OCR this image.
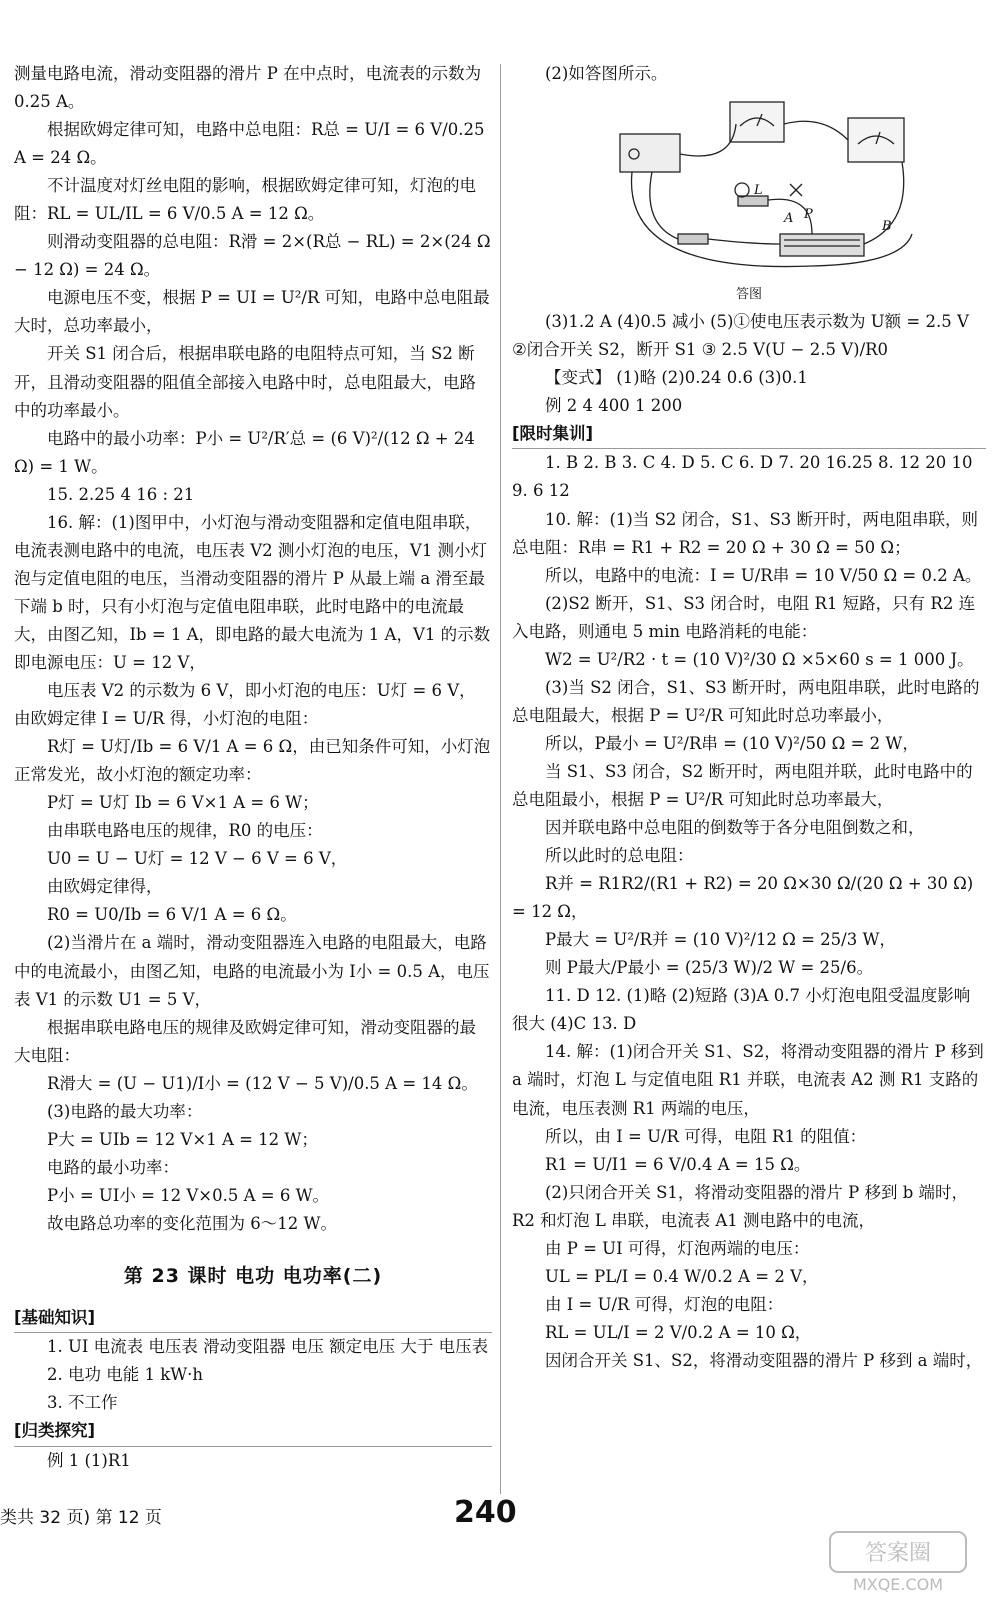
测量电路电流，滑动变阻器的滑片 P 在中点时，电流表的示数为 0.25 A。

根据欧姆定律可知，电路中总电阻：R总 = U/I = 6 V/0.25 A = 24 Ω。

不计温度对灯丝电阻的影响，根据欧姆定律可知，灯泡的电阻：RL = UL/IL = 6 V/0.5 A = 12 Ω。

则滑动变阻器的总电阻：R滑 = 2×(R总 − RL) = 2×(24 Ω − 12 Ω) = 24 Ω。

电源电压不变，根据 P = UI = U²/R 可知，电路中总电阻最大时，总功率最小，

开关 S1 闭合后，根据串联电路的电阻特点可知，当 S2 断开，且滑动变阻器的阻值全部接入电路中时，总电阻最大，电路中的功率最小。

电路中的最小功率：P小 = U²/R′总 = (6 V)²/(12 Ω + 24 Ω) = 1 W。

15. 2.25 4 16 : 21

16. 解：(1)图甲中，小灯泡与滑动变阻器和定值电阻串联，电流表测电路中的电流，电压表 V2 测小灯泡的电压，V1 测小灯泡与定值电阻的电压，当滑动变阻器的滑片 P 从最上端 a 滑至最下端 b 时，只有小灯泡与定值电阻串联，此时电路中的电流最大，由图乙知，Ib = 1 A，即电路的最大电流为 1 A，V1 的示数即电源电压：U = 12 V，

电压表 V2 的示数为 6 V，即小灯泡的电压：U灯 = 6 V，由欧姆定律 I = U/R 得，小灯泡的电阻：

R灯 = U灯/Ib = 6 V/1 A = 6 Ω，由已知条件可知，小灯泡正常发光，故小灯泡的额定功率：

P灯 = U灯 Ib = 6 V×1 A = 6 W；

由串联电路电压的规律，R0 的电压：

U0 = U − U灯 = 12 V − 6 V = 6 V，

由欧姆定律得，

R0 = U0/Ib = 6 V/1 A = 6 Ω。

(2)当滑片在 a 端时，滑动变阻器连入电路的电阻最大，电路中的电流最小，由图乙知，电路的电流最小为 I小 = 0.5 A，电压表 V1 的示数 U1 = 5 V，

根据串联电路电压的规律及欧姆定律可知，滑动变阻器的最大电阻：

R滑大 = (U − U1)/I小 = (12 V − 5 V)/0.5 A = 14 Ω。

(3)电路的最大功率：

P大 = UIb = 12 V×1 A = 12 W；

电路的最小功率：

P小 = UI小 = 12 V×0.5 A = 6 W。

故电路总功率的变化范围为 6～12 W。

第 23 课时 电功 电功率(二)

[基础知识]

1. UI 电流表 电压表 滑动变阻器 电压 额定电压 大于 电压表

2. 电功 电能 1 kW·h

3. 不工作

[归类探究]

例 1 (1)R1

(2)如答图所示。

L
A P
B

答图

(3)1.2 A (4)0.5 减小 (5)①使电压表示数为 U额 = 2.5 V ②闭合开关 S2，断开 S1 ③ 2.5 V(U − 2.5 V)/R0

【变式】 (1)略 (2)0.24 0.6 (3)0.1

例 2 4 400 1 200

[限时集训]

1. B 2. B 3. C 4. D 5. C 6. D 7. 20 16.25 8. 12 20 10 9. 6 12

10. 解：(1)当 S2 闭合，S1、S3 断开时，两电阻串联，则总电阻：R串 = R1 + R2 = 20 Ω + 30 Ω = 50 Ω；

所以，电路中的电流：I = U/R串 = 10 V/50 Ω = 0.2 A。

(2)S2 断开，S1、S3 闭合时，电阻 R1 短路，只有 R2 连入电路，则通电 5 min 电路消耗的电能：

W2 = U²/R2 · t = (10 V)²/30 Ω ×5×60 s = 1 000 J。

(3)当 S2 闭合，S1、S3 断开时，两电阻串联，此时电路的总电阻最大，根据 P = U²/R 可知此时总功率最小，

所以，P最小 = U²/R串 = (10 V)²/50 Ω = 2 W，

当 S1、S3 闭合，S2 断开时，两电阻并联，此时电路中的总电阻最小，根据 P = U²/R 可知此时总功率最大，

因并联电路中总电阻的倒数等于各分电阻倒数之和，

所以此时的总电阻：

R并 = R1R2/(R1 + R2) = 20 Ω×30 Ω/(20 Ω + 30 Ω) = 12 Ω，

P最大 = U²/R并 = (10 V)²/12 Ω = 25/3 W，

则 P最大/P最小 = (25/3 W)/2 W = 25/6。

11. D 12. (1)略 (2)短路 (3)A 0.7 小灯泡电阻受温度影响很大 (4)C 13. D

14. 解：(1)闭合开关 S1、S2，将滑动变阻器的滑片 P 移到 a 端时，灯泡 L 与定值电阻 R1 并联，电流表 A2 测 R1 支路的电流，电压表测 R1 两端的电压，

所以，由 I = U/R 可得，电阻 R1 的阻值：

R1 = U/I1 = 6 V/0.4 A = 15 Ω。

(2)只闭合开关 S1，将滑动变阻器的滑片 P 移到 b 端时，R2 和灯泡 L 串联，电流表 A1 测电路中的电流，

由 P = UI 可得，灯泡两端的电压：

UL = PL/I = 0.4 W/0.2 A = 2 V，

由 I = U/R 可得，灯泡的电阻：

RL = UL/I = 2 V/0.2 A = 10 Ω，

因闭合开关 S1、S2，将滑动变阻器的滑片 P 移到 a 端时，

类共 32 页) 第 12 页	240
答案圈
MXQE.COM
